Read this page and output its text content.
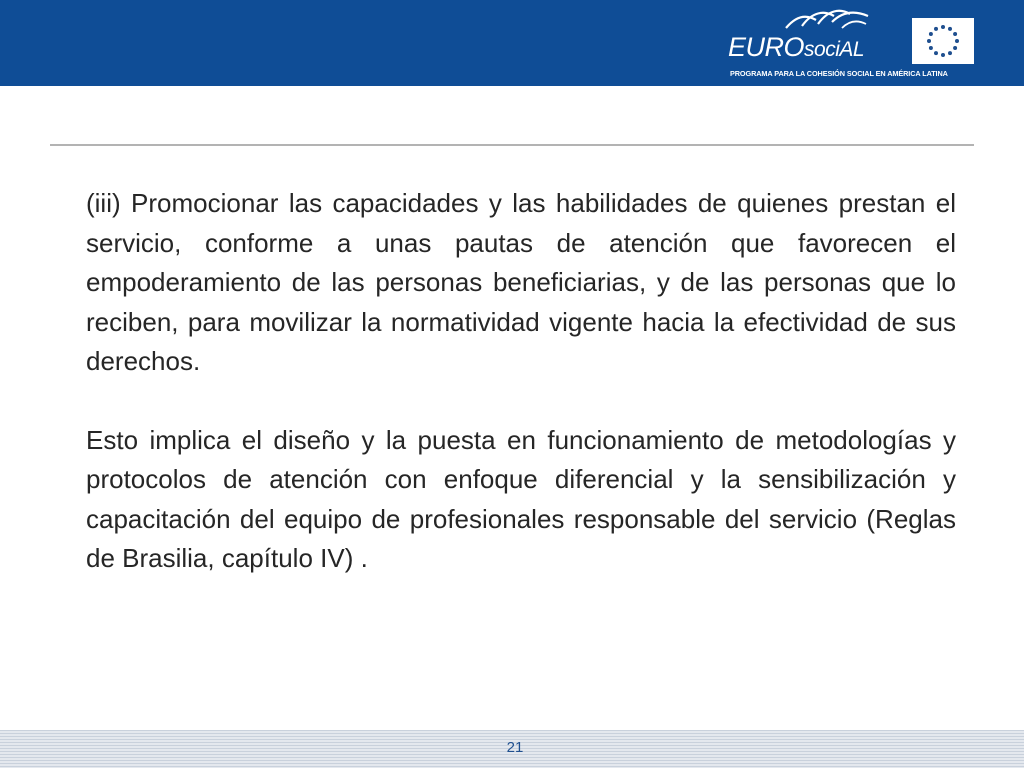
EUROsociAL
PROGRAMA PARA LA COHESIÓN SOCIAL EN AMÉRICA LATINA

(iii) Promocionar las capacidades y las habilidades de quienes prestan el servicio, conforme a unas pautas de atención que favorecen el empoderamiento de las personas beneficiarias, y de las personas que lo reciben, para movilizar la normatividad vigente hacia la efectividad de sus derechos.

Esto implica el diseño y la puesta en funcionamiento de metodologías y protocolos de atención con enfoque diferencial y la sensibilización y capacitación del equipo de profesionales responsable del servicio (Reglas de Brasilia, capítulo IV) .

21
